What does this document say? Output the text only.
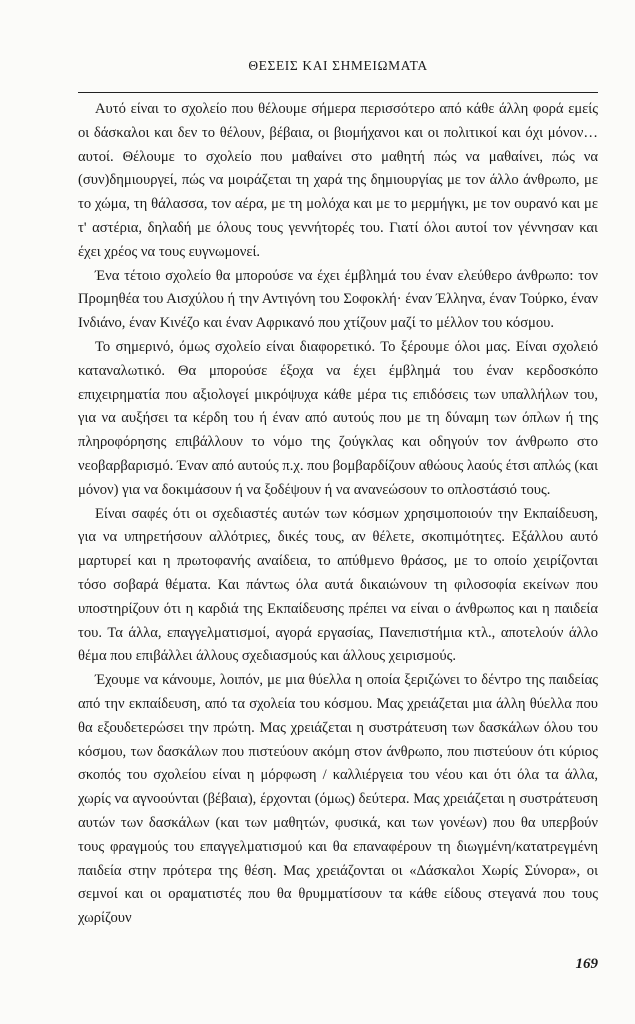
ΘΕΣΕΙΣ ΚΑΙ ΣΗΜΕΙΩΜΑΤΑ

Αυτό είναι το σχολείο που θέλουμε σήμερα περισσότερο από κάθε άλλη φορά εμείς οι δάσκαλοι και δεν το θέλουν, βέβαια, οι βιομήχανοι και οι πολιτικοί και όχι μόνον… αυτοί. Θέλουμε το σχολείο που μαθαίνει στο μαθητή πώς να μαθαίνει, πώς να (συν)δημιουργεί, πώς να μοιράζεται τη χαρά της δημιουργίας με τον άλλο άνθρωπο, με το χώμα, τη θάλασσα, τον αέρα, με τη μολόχα και με το μερμήγκι, με τον ουρανό και με τ' αστέρια, δηλαδή με όλους τους γεννήτορές του. Γιατί όλοι αυτοί τον γέννησαν και έχει χρέος να τους ευγνωμονεί.

Ένα τέτοιο σχολείο θα μπορούσε να έχει έμβλημά του έναν ελεύθερο άνθρωπο: τον Προμηθέα του Αισχύλου ή την Αντιγόνη του Σοφοκλή· έναν Έλληνα, έναν Τούρκο, έναν Ινδιάνο, έναν Κινέζο και έναν Αφρικανό που χτίζουν μαζί το μέλλον του κόσμου.

Το σημερινό, όμως σχολείο είναι διαφορετικό. Το ξέρουμε όλοι μας. Είναι σχολειό καταναλωτικό. Θα μπορούσε έξοχα να έχει έμβλημά του έναν κερδοσκόπο επιχειρηματία που αξιολογεί μικρόψυχα κάθε μέρα τις επιδόσεις των υπαλλήλων του, για να αυξήσει τα κέρδη του ή έναν από αυτούς που με τη δύναμη των όπλων ή της πληροφόρησης επιβάλλουν το νόμο της ζούγκλας και οδηγούν τον άνθρωπο στο νεοβαρβαρισμό. Έναν από αυτούς π.χ. που βομβαρδίζουν αθώους λαούς έτσι απλώς (και μόνον) για να δοκιμάσουν ή να ξοδέψουν ή να ανανεώσουν το οπλοστάσιό τους.

Είναι σαφές ότι οι σχεδιαστές αυτών των κόσμων χρησιμοποιούν την Εκπαίδευση, για να υπηρετήσουν αλλότριες, δικές τους, αν θέλετε, σκοπιμότητες. Εξάλλου αυτό μαρτυρεί και η πρωτοφανής αναίδεια, το απύθμενο θράσος, με το οποίο χειρίζονται τόσο σοβαρά θέματα. Και πάντως όλα αυτά δικαιώνουν τη φιλοσοφία εκείνων που υποστηρίζουν ότι η καρδιά της Εκπαίδευσης πρέπει να είναι ο άνθρωπος και η παιδεία του. Τα άλλα, επαγγελματισμοί, αγορά εργασίας, Πανεπιστήμια κτλ., αποτελούν άλλο θέμα που επιβάλλει άλλους σχεδιασμούς και άλλους χειρισμούς.

Έχουμε να κάνουμε, λοιπόν, με μια θύελλα η οποία ξεριζώνει το δέντρο της παιδείας από την εκπαίδευση, από τα σχολεία του κόσμου. Μας χρειάζεται μια άλλη θύελλα που θα εξουδετερώσει την πρώτη. Μας χρειάζεται η συστράτευση των δασκάλων όλου του κόσμου, των δασκάλων που πιστεύουν ακόμη στον άνθρωπο, που πιστεύουν ότι κύριος σκοπός του σχολείου είναι η μόρφωση / καλλιέργεια του νέου και ότι όλα τα άλλα, χωρίς να αγνοούνται (βέβαια), έρχονται (όμως) δεύτερα. Μας χρειάζεται η συστράτευση αυτών των δασκάλων (και των μαθητών, φυσικά, και των γονέων) που θα υπερβούν τους φραγμούς του επαγγελματισμού και θα επαναφέρουν τη διωγμένη/κατατρεγμένη παιδεία στην πρότερα της θέση. Μας χρειάζονται οι «Δάσκαλοι Χωρίς Σύνορα», οι σεμνοί και οι οραματιστές που θα θρυμματίσουν τα κάθε είδους στεγανά που τους χωρίζουν

169
